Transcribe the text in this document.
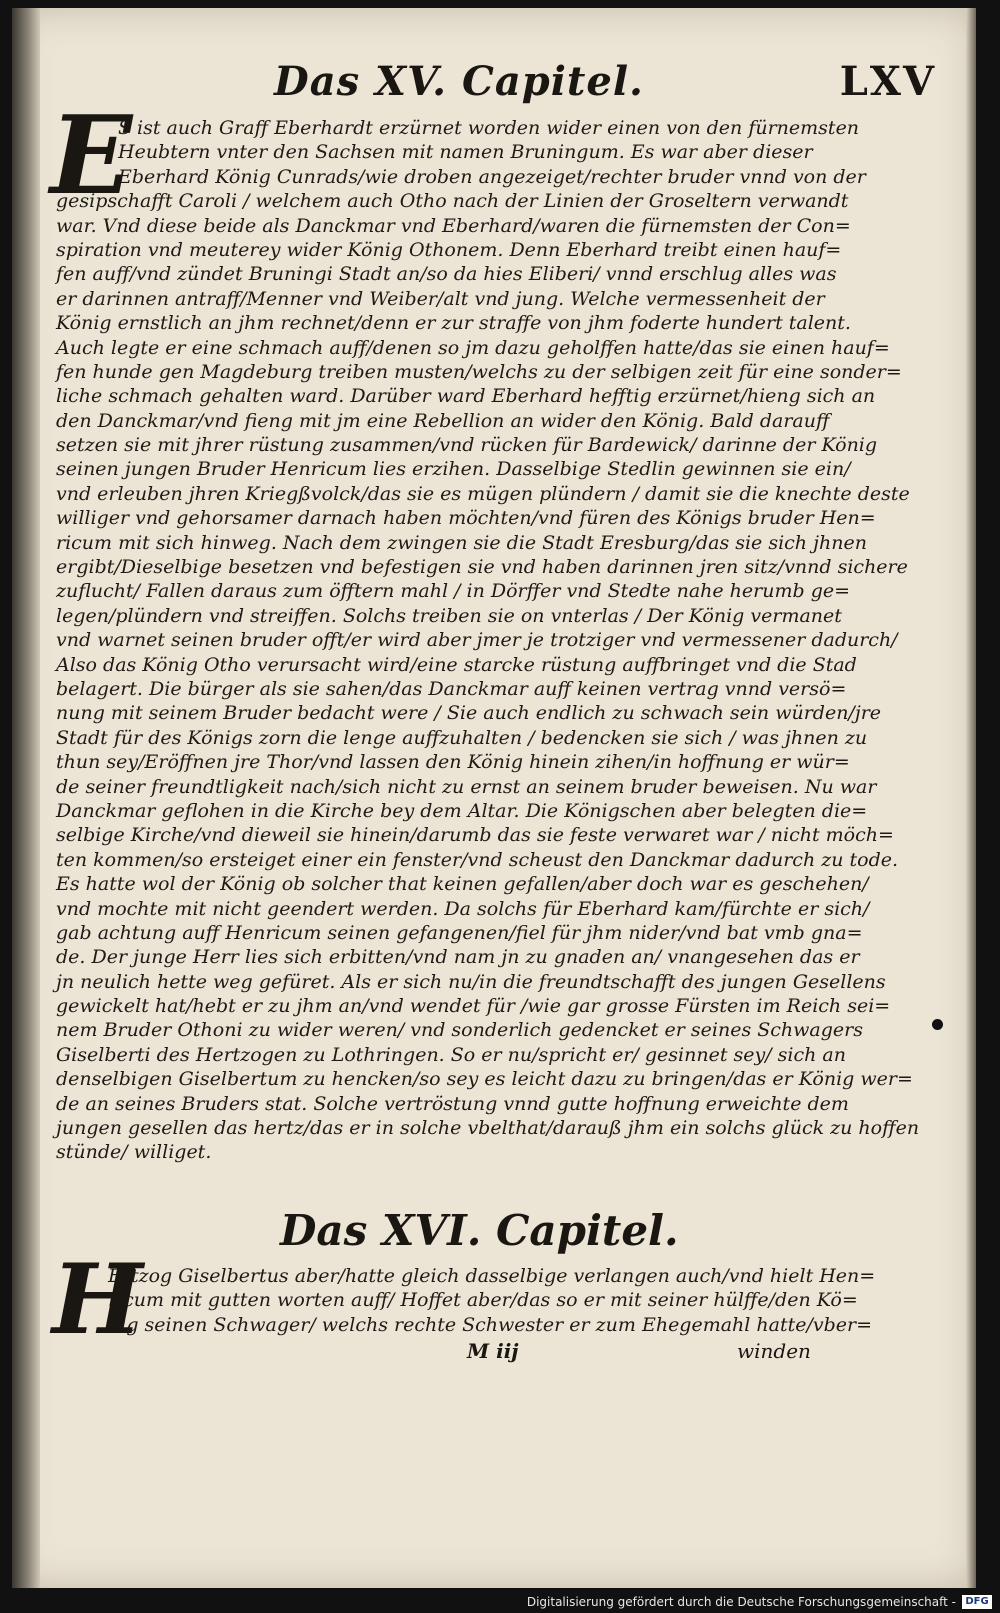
Das XV. Capitel.	LXV
E
S ist auch Graff Eberhardt erzürnet worden wider einen von den fürnemsten
Heubtern vnter den Sachsen mit namen Bruningum. Es war aber dieser
Eberhard König Cunrads/wie droben angezeiget/rechter bruder vnnd von der
gesipschafft Caroli / welchem auch Otho nach der Linien der Groseltern verwandt
war. Vnd diese beide als Danckmar vnd Eberhard/waren die fürnemsten der Con=
spiration vnd meuterey wider König Othonem. Denn Eberhard treibt einen hauf=
fen auff/vnd zündet Bruningi Stadt an/so da hies Eliberi/ vnnd erschlug alles was
er darinnen antraff/Menner vnd Weiber/alt vnd jung. Welche vermessenheit der
König ernstlich an jhm rechnet/denn er zur straffe von jhm foderte hundert talent.
Auch legte er eine schmach auff/denen so jm dazu geholffen hatte/das sie einen hauf=
fen hunde gen Magdeburg treiben musten/welchs zu der selbigen zeit für eine sonder=
liche schmach gehalten ward. Darüber ward Eberhard hefftig erzürnet/hieng sich an
den Danckmar/vnd fieng mit jm eine Rebellion an wider den König. Bald darauff
setzen sie mit jhrer rüstung zusammen/vnd rücken für Bardewick/ darinne der König
seinen jungen Bruder Henricum lies erzihen. Dasselbige Stedlin gewinnen sie ein/
vnd erleuben jhren Kriegßvolck/das sie es mügen plündern / damit sie die knechte deste
williger vnd gehorsamer darnach haben möchten/vnd füren des Königs bruder Hen=
ricum mit sich hinweg. Nach dem zwingen sie die Stadt Eresburg/das sie sich jhnen
ergibt/Dieselbige besetzen vnd befestigen sie vnd haben darinnen jren sitz/vnnd sichere
zuflucht/ Fallen daraus zum öfftern mahl / in Dörffer vnd Stedte nahe herumb ge=
legen/plündern vnd streiffen. Solchs treiben sie on vnterlas / Der König vermanet
vnd warnet seinen bruder offt/er wird aber jmer je trotziger vnd vermessener dadurch/
Also das König Otho verursacht wird/eine starcke rüstung auffbringet vnd die Stad
belagert. Die bürger als sie sahen/das Danckmar auff keinen vertrag vnnd versö=
nung mit seinem Bruder bedacht were / Sie auch endlich zu schwach sein würden/jre
Stadt für des Königs zorn die lenge auffzuhalten / bedencken sie sich / was jhnen zu
thun sey/Eröffnen jre Thor/vnd lassen den König hinein zihen/in hoffnung er wür=
de seiner freundtligkeit nach/sich nicht zu ernst an seinem bruder beweisen. Nu war
Danckmar geflohen in die Kirche bey dem Altar. Die Königschen aber belegten die=
selbige Kirche/vnd dieweil sie hinein/darumb das sie feste verwaret war / nicht möch=
ten kommen/so ersteiget einer ein fenster/vnd scheust den Danckmar dadurch zu tode.
Es hatte wol der König ob solcher that keinen gefallen/aber doch war es geschehen/
vnd mochte mit nicht geendert werden. Da solchs für Eberhard kam/fürchte er sich/
gab achtung auff Henricum seinen gefangenen/fiel für jhm nider/vnd bat vmb gna=
de. Der junge Herr lies sich erbitten/vnd nam jn zu gnaden an/ vnangesehen das er
jn neulich hette weg gefüret. Als er sich nu/in die freundtschafft des jungen Gesellens
gewickelt hat/hebt er zu jhm an/vnd wendet für /wie gar grosse Fürsten im Reich sei=
nem Bruder Othoni zu wider weren/ vnd sonderlich gedencket er seines Schwagers
Giselberti des Hertzogen zu Lothringen. So er nu/spricht er/ gesinnet sey/ sich an
denselbigen Giselbertum zu hencken/so sey es leicht dazu zu bringen/das er König wer=
de an seines Bruders stat. Solche vertröstung vnnd gutte hoffnung erweichte dem
jungen gesellen das hertz/das er in solche vbelthat/darauß jhm ein solchs glück zu hoffen
stünde/ williget.
Das XVI. Capitel.
H
Ertzog Giselbertus aber/hatte gleich dasselbige verlangen auch/vnd hielt Hen=
ricum mit gutten worten auff/ Hoffet aber/das so er mit seiner hülffe/den Kö=
nig seinen Schwager/ welchs rechte Schwester er zum Ehegemahl hatte/vber=
M iij	winden
Digitalisierung gefördert durch die Deutsche Forschungsgemeinschaft - DFG
